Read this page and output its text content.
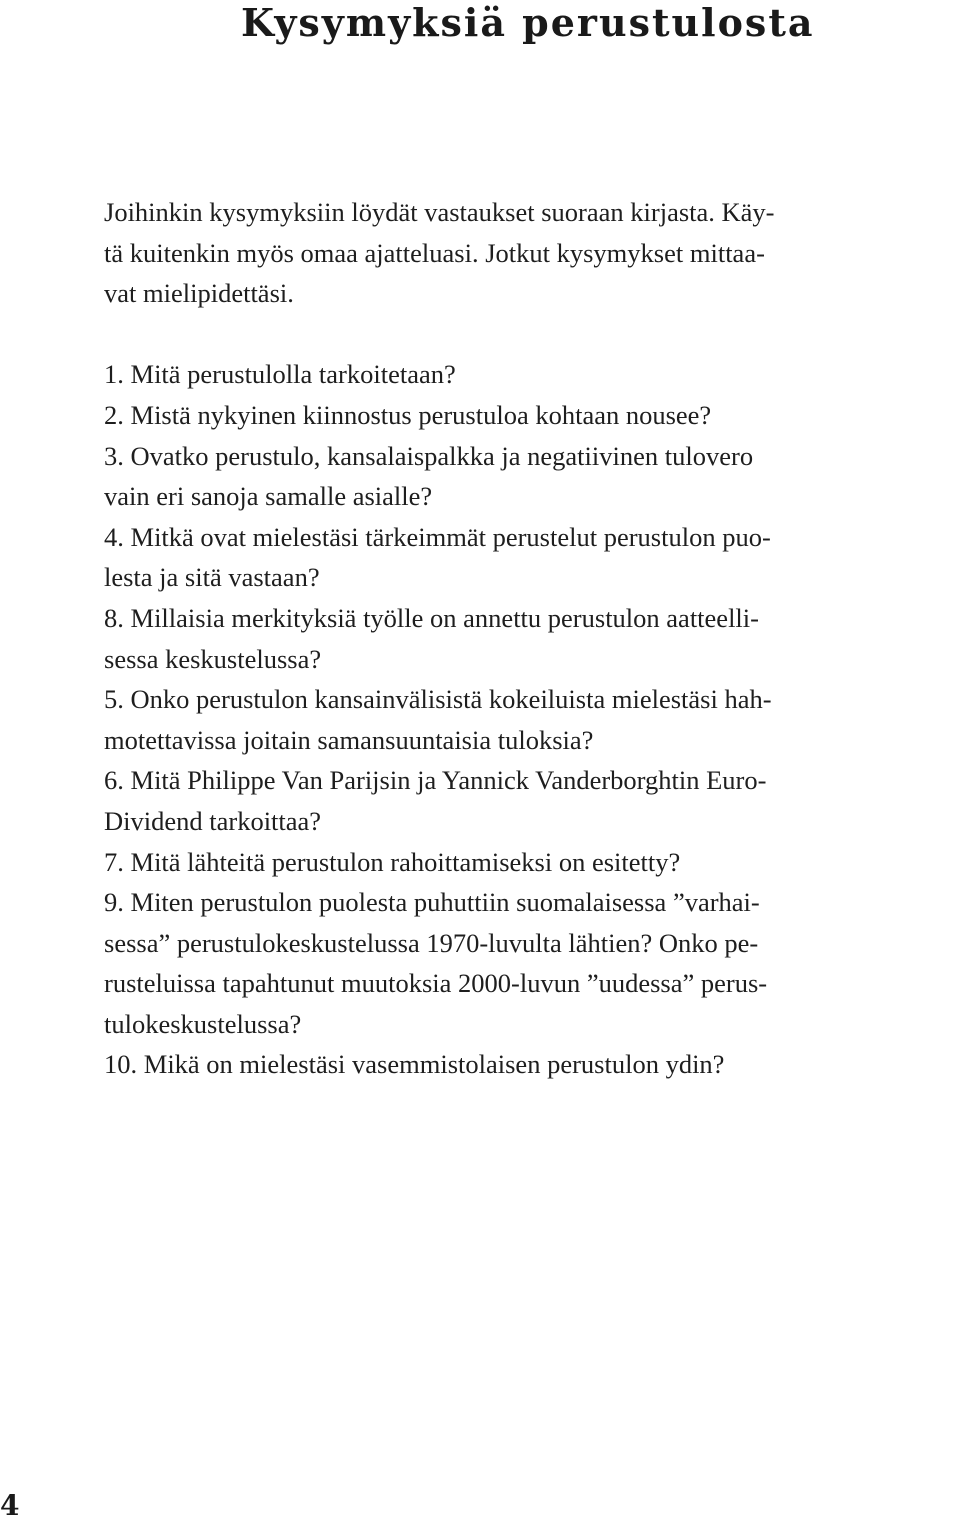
Kysymyksiä perustulosta
Joihinkin kysymyksiin löydät vastaukset suoraan kirjasta. Käy-
tä kuitenkin myös omaa ajatteluasi. Jotkut kysymykset mittaa-
vat mielipidettäsi.
1. Mitä perustulolla tarkoitetaan?
2. Mistä nykyinen kiinnostus perustuloa kohtaan nousee?
3. Ovatko perustulo, kansalaispalkka ja negatiivinen tulovero
vain eri sanoja samalle asialle?
4. Mitkä ovat mielestäsi tärkeimmät perustelut perustulon puo-
lesta ja sitä vastaan?
8. Millaisia merkityksiä työlle on annettu perustulon aatteelli-
sessa keskustelussa?
5. Onko perustulon kansainvälisistä kokeiluista mielestäsi hah-
motettavissa joitain samansuuntaisia tuloksia?
6. Mitä Philippe Van Parijsin ja Yannick Vanderborghtin Euro-
Dividend tarkoittaa?
7. Mitä lähteitä perustulon rahoittamiseksi on esitetty?
9. Miten perustulon puolesta puhuttiin suomalaisessa ”varhai-
sessa” perustulokeskustelussa 1970-luvulta lähtien? Onko pe-
rusteluissa tapahtunut muutoksia 2000-luvun ”uudessa” perus-
tulokeskustelussa?
10. Mikä on mielestäsi vasemmistolaisen perustulon ydin?
4
